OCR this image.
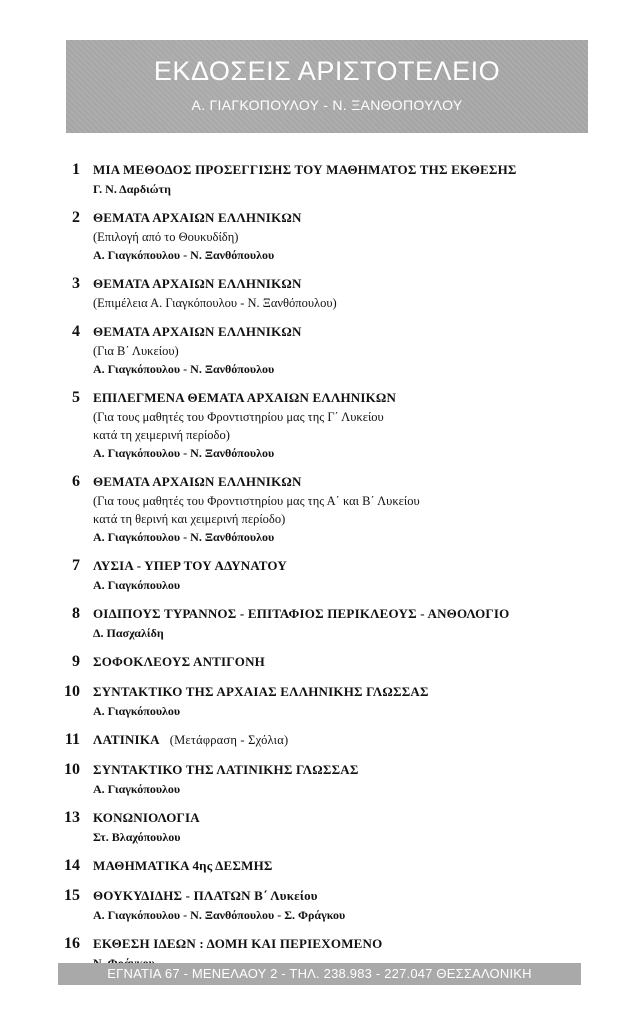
ΕΚΔΟΣΕΙΣ ΑΡΙΣΤΟΤΕΛΕΙΟ
Α. ΓΙΑΓΚΟΠΟΥΛΟΥ - Ν. ΞΑΝΘΟΠΟΥΛΟΥ
1 ΜΙΑ ΜΕΘΟΔΟΣ ΠΡΟΣΕΓΓΙΣΗΣ ΤΟΥ ΜΑΘΗΜΑΤΟΣ ΤΗΣ ΕΚΘΕΣΗΣ
Γ. Ν. Δαρδιώτη
2 ΘΕΜΑΤΑ ΑΡΧΑΙΩΝ ΕΛΛΗΝΙΚΩΝ
(Επιλογή από το Θουκυδίδη)
Α. Γιαγκόπουλου - Ν. Ξανθόπουλου
3 ΘΕΜΑΤΑ ΑΡΧΑΙΩΝ ΕΛΛΗΝΙΚΩΝ
(Επιμέλεια Α. Γιαγκόπουλου - Ν. Ξανθόπουλου)
4 ΘΕΜΑΤΑ ΑΡΧΑΙΩΝ ΕΛΛΗΝΙΚΩΝ
(Για Β΄ Λυκείου)
Α. Γιαγκόπουλου - Ν. Ξανθόπουλου
5 ΕΠΙΛΕΓΜΕΝΑ ΘΕΜΑΤΑ ΑΡΧΑΙΩΝ ΕΛΛΗΝΙΚΩΝ
(Για τους μαθητές του Φροντιστηρίου μας της Γ΄ Λυκείου
κατά τη χειμερινή περίοδο)
Α. Γιαγκόπουλου - Ν. Ξανθόπουλου
6 ΘΕΜΑΤΑ ΑΡΧΑΙΩΝ ΕΛΛΗΝΙΚΩΝ
(Για τους μαθητές του Φροντιστηρίου μας της Α΄ και Β΄ Λυκείου
κατά τη θερινή και χειμερινή περίοδο)
Α. Γιαγκόπουλου - Ν. Ξανθόπουλου
7 ΛΥΣΙΑ - ΥΠΕΡ ΤΟΥ ΑΔΥΝΑΤΟΥ
Α. Γιαγκόπουλου
8 ΟΙΔΙΠΟΥΣ ΤΥΡΑΝΝΟΣ - ΕΠΙΤΑΦΙΟΣ ΠΕΡΙΚΛΕΟΥΣ - ΑΝΘΟΛΟΓΙΟ
Δ. Πασχαλίδη
9 ΣΟΦΟΚΛΕΟΥΣ ΑΝΤΙΓΟΝΗ
10 ΣΥΝΤΑΚΤΙΚΟ ΤΗΣ ΑΡΧΑΙΑΣ ΕΛΛΗΝΙΚΗΣ ΓΛΩΣΣΑΣ
Α. Γιαγκόπουλου
11 ΛΑΤΙΝΙΚΑ (Μετάφραση - Σχόλια)
10 ΣΥΝΤΑΚΤΙΚΟ ΤΗΣ ΛΑΤΙΝΙΚΗΣ ΓΛΩΣΣΑΣ
Α. Γιαγκόπουλου
13 ΚΟΝΩΝΙΟΛΟΓΙΑ
Στ. Βλαχόπουλου
14 ΜΑΘΗΜΑΤΙΚΑ 4ης ΔΕΣΜΗΣ
15 ΘΟΥΚΥΔΙΔΗΣ - ΠΛΑΤΩΝ Β΄ Λυκείου
Α. Γιαγκόπουλου - Ν. Ξανθόπουλου - Σ. Φράγκου
16 ΕΚΘΕΣΗ ΙΔΕΩΝ : ΔΟΜΗ ΚΑΙ ΠΕΡΙΕΧΟΜΕΝΟ
ΕΓΝΑΤΙΑ 67 - ΜΕΝΕΛΑΟΥ 2 - ΤΗΛ. 238.983 - 227.047 ΘΕΣΣΑΛΟΝΙΚΗ
